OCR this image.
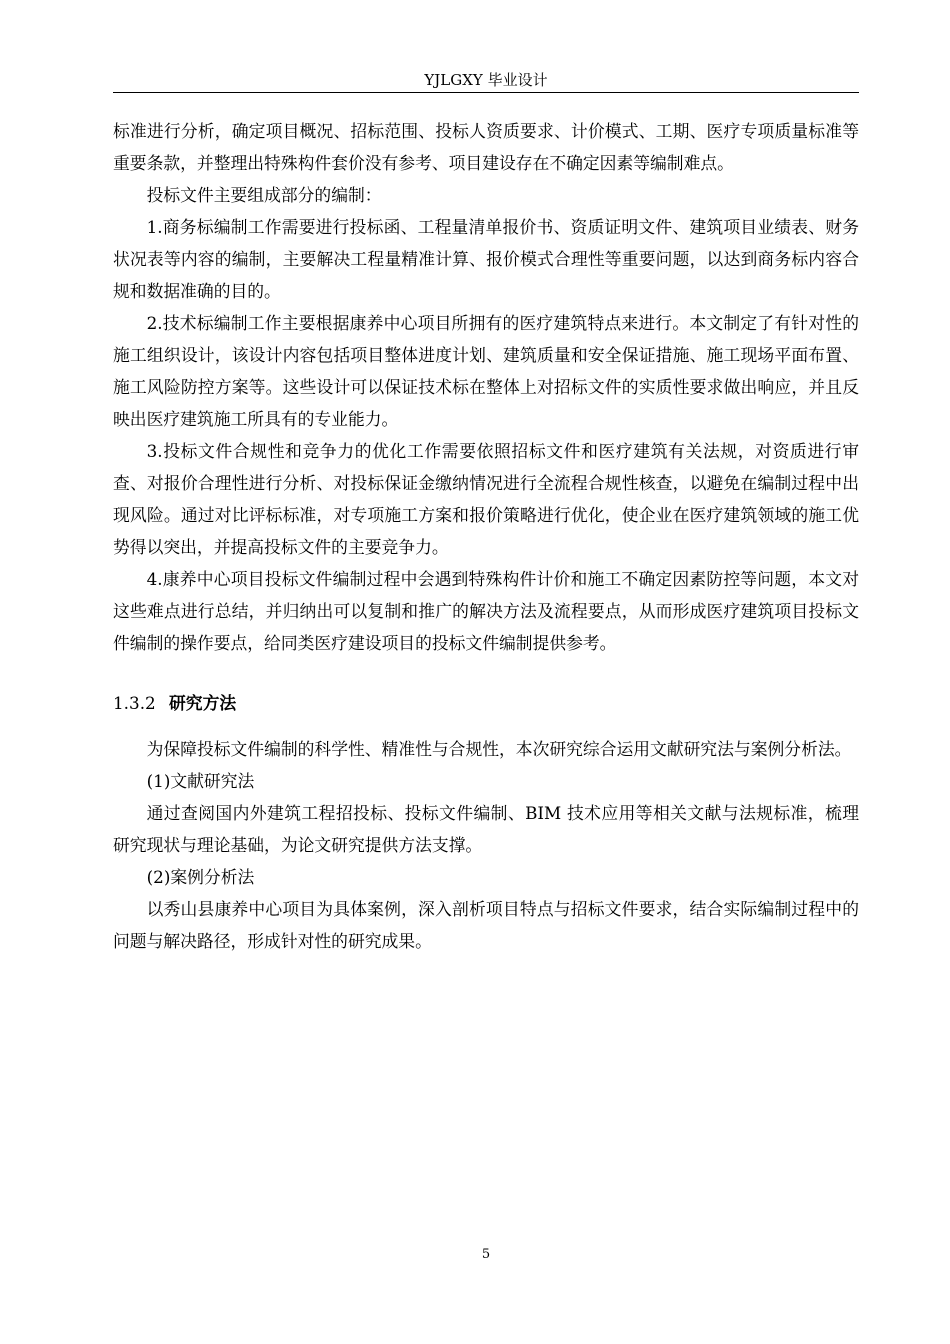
YJLGXY 毕业设计

标准进行分析，确定项目概况、招标范围、投标人资质要求、计价模式、工期、医疗专项质量标准等重要条款，并整理出特殊构件套价没有参考、项目建设存在不确定因素等编制难点。

投标文件主要组成部分的编制：

1.商务标编制工作需要进行投标函、工程量清单报价书、资质证明文件、建筑项目业绩表、财务状况表等内容的编制，主要解决工程量精准计算、报价模式合理性等重要问题，以达到商务标内容合规和数据准确的目的。

2.技术标编制工作主要根据康养中心项目所拥有的医疗建筑特点来进行。本文制定了有针对性的施工组织设计，该设计内容包括项目整体进度计划、建筑质量和安全保证措施、施工现场平面布置、施工风险防控方案等。这些设计可以保证技术标在整体上对招标文件的实质性要求做出响应，并且反映出医疗建筑施工所具有的专业能力。

3.投标文件合规性和竞争力的优化工作需要依照招标文件和医疗建筑有关法规，对资质进行审查、对报价合理性进行分析、对投标保证金缴纳情况进行全流程合规性核查，以避免在编制过程中出现风险。通过对比评标标准，对专项施工方案和报价策略进行优化，使企业在医疗建筑领域的施工优势得以突出，并提高投标文件的主要竞争力。

4.康养中心项目投标文件编制过程中会遇到特殊构件计价和施工不确定因素防控等问题，本文对这些难点进行总结，并归纳出可以复制和推广的解决方法及流程要点，从而形成医疗建筑项目投标文件编制的操作要点，给同类医疗建设项目的投标文件编制提供参考。

1.3.2 研究方法

为保障投标文件编制的科学性、精准性与合规性，本次研究综合运用文献研究法与案例分析法。

(1)文献研究法

通过查阅国内外建筑工程招投标、投标文件编制、BIM 技术应用等相关文献与法规标准，梳理研究现状与理论基础，为论文研究提供方法支撑。

(2)案例分析法

以秀山县康养中心项目为具体案例，深入剖析项目特点与招标文件要求，结合实际编制过程中的问题与解决路径，形成针对性的研究成果。

5
